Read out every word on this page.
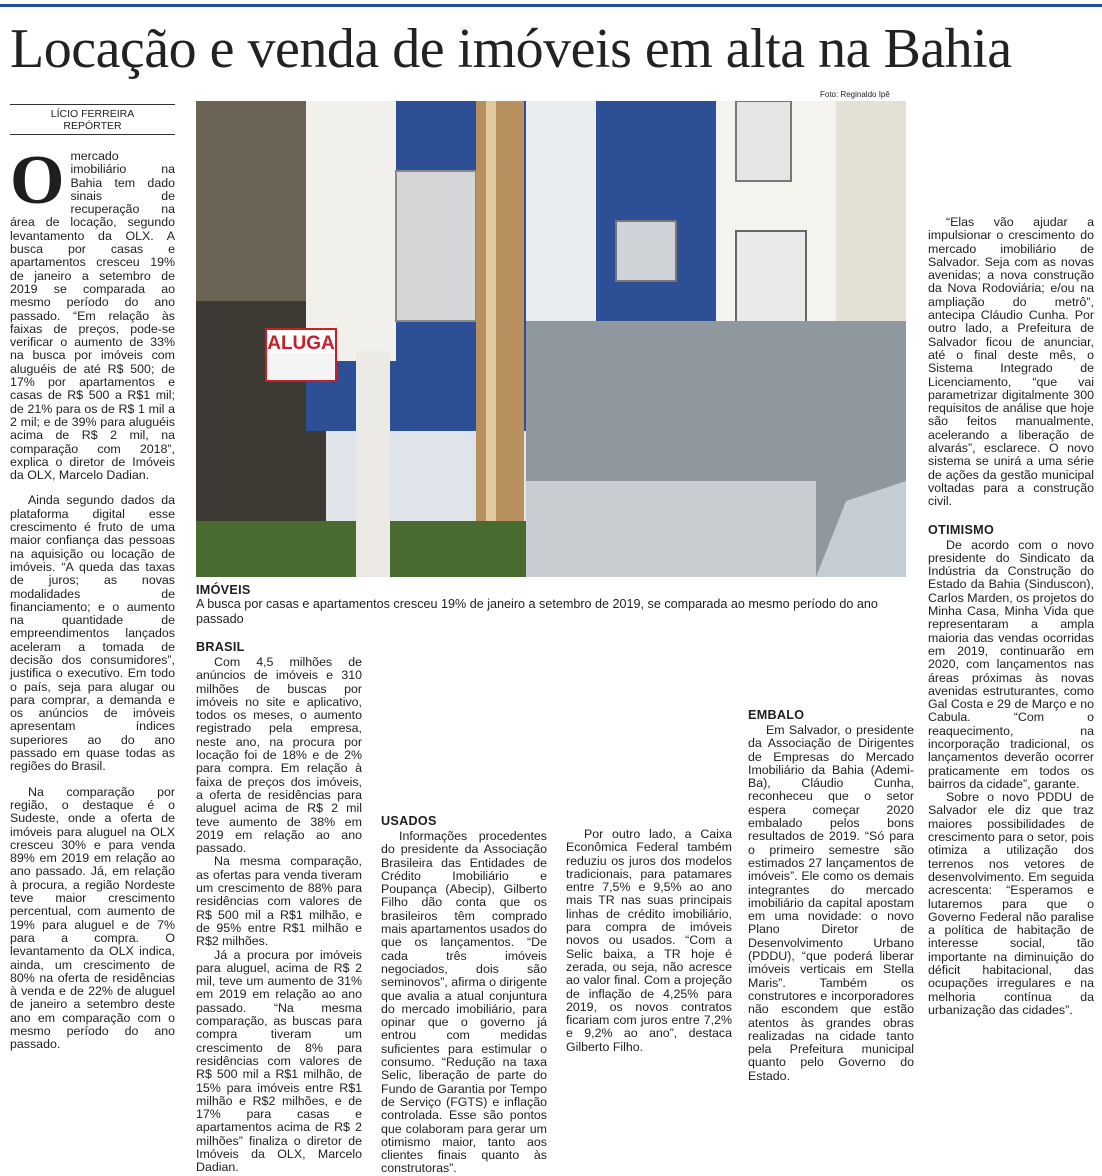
Locação e venda de imóveis em alta na Bahia
LÍCIO FERREIRA
REPÓRTER

Omercado imobiliário na Bahia tem dado sinais de recuperação na área de locação, segundo levantamento da OLX. A busca por casas e apartamentos cresceu 19% de janeiro a setembro de 2019 se comparada ao mesmo período do ano passado. “Em relação às faixas de preços, pode-se verificar o aumento de 33% na busca por imóveis com aluguéis de até R$ 500; de 17% por apartamentos e casas de R$ 500 a R$1 mil; de 21% para os de R$ 1 mil a 2 mil; e de 39% para aluguéis acima de R$ 2 mil, na comparação com 2018”, explica o diretor de Imóveis da OLX, Marcelo Dadian.

Ainda segundo dados da plataforma digital esse crescimento é fruto de uma maior confiança das pessoas na aquisição ou locação de imóveis. “A queda das taxas de juros; as novas modalidades de financiamento; e o aumento na quantidade de empreendimentos lançados aceleram a tomada de decisão dos consumidores”, justifica o executivo. Em todo o país, seja para alugar ou para comprar, a demanda e os anúncios de imóveis apresentam índices superiores ao do ano passado em quase todas as regiões do Brasil.

Na comparação por região, o destaque é o Sudeste, onde a oferta de imóveis para aluguel na OLX cresceu 30% e para venda 89% em 2019 em relação ao ano passado. Já, em relação à procura, a região Nordeste teve maior crescimento percentual, com aumento de 19% para aluguel e de 7% para a compra. O levantamento da OLX indica, ainda, um crescimento de 80% na oferta de residências à venda e de 22% de aluguel de janeiro a setembro deste ano em comparação com o mesmo período do ano passado.

Foto: Reginaldo Ipê
ALUGA
IMÓVEIS
A busca por casas e apartamentos cresceu 19% de janeiro a setembro de 2019, se comparada ao mesmo período do ano passado
BRASIL

Com 4,5 milhões de anúncios de imóveis e 310 milhões de buscas por imóveis no site e aplicativo, todos os meses, o aumento registrado pela empresa, neste ano, na procura por locação foi de 18% e de 2% para compra. Em relação à faixa de preços dos imóveis, a oferta de residências para aluguel acima de R$ 2 mil teve aumento de 38% em 2019 em relação ao ano passado.

Na mesma comparação, as ofertas para venda tiveram um crescimento de 88% para residências com valores de R$ 500 mil a R$1 milhão, e de 95% entre R$1 milhão e R$2 milhões.

Já a procura por imóveis para aluguel, acima de R$ 2 mil, teve um aumento de 31% em 2019 em relação ao ano passado. “Na mesma comparação, as buscas para compra tiveram um crescimento de 8% para residências com valores de R$ 500 mil a R$1 milhão, de 15% para imóveis entre R$1 milhão e R$2 milhões, e de 17% para casas e apartamentos acima de R$ 2 milhões” finaliza o diretor de Imóveis da OLX, Marcelo Dadian.

USADOS

Informações procedentes do presidente da Associação Brasileira das Entidades de Crédito Imobiliário e Poupança (Abecip), Gilberto Filho dão conta que os brasileiros têm comprado mais apartamentos usados do que os lançamentos. “De cada três imóveis negociados, dois são seminovos”, afirma o dirigente que avalia a atual conjuntura do mercado imobiliário, para opinar que o governo já entrou com medidas suficientes para estimular o consumo. “Redução na taxa Selic, liberação de parte do Fundo de Garantia por Tempo de Serviço (FGTS) e inflação controlada. Esse são pontos que colaboram para gerar um otimismo maior, tanto aos clientes finais quanto às construtoras”.

Por outro lado, a Caixa Econômica Federal também reduziu os juros dos modelos tradicionais, para patamares entre 7,5% e 9,5% ao ano mais TR nas suas principais linhas de crédito imobiliário, para compra de imóveis novos ou usados. “Com a Selic baixa, a TR hoje é zerada, ou seja, não acresce ao valor final. Com a projeção de inflação de 4,25% para 2019, os novos contratos ficariam com juros entre 7,2% e 9,2% ao ano”, destaca Gilberto Filho.

EMBALO

Em Salvador, o presidente da Associação de Dirigentes de Empresas do Mercado Imobiliário da Bahia (Ademi-Ba), Cláudio Cunha, reconheceu que o setor espera começar 2020 embalado pelos bons resultados de 2019. “Só para o primeiro semestre são estimados 27 lançamentos de imóveis”. Ele como os demais integrantes do mercado imobiliário da capital apostam em uma novidade: o novo Plano Diretor de Desenvolvimento Urbano (PDDU), “que poderá liberar imóveis verticais em Stella Maris”. Também os construtores e incorporadores não escondem que estão atentos às grandes obras realizadas na cidade tanto pela Prefeitura municipal quanto pelo Governo do Estado.

“Elas vão ajudar a impulsionar o crescimento do mercado imobiliário de Salvador. Seja com as novas avenidas; a nova construção da Nova Rodoviária; e/ou na ampliação do metrô”, antecipa Cláudio Cunha. Por outro lado, a Prefeitura de Salvador ficou de anunciar, até o final deste mês, o Sistema Integrado de Licenciamento, “que vai parametrizar digitalmente 300 requisitos de análise que hoje são feitos manualmente, acelerando a liberação de alvarás”, esclarece. O novo sistema se unirá a uma série de ações da gestão municipal voltadas para a construção civil.

OTIMISMO

De acordo com o novo presidente do Sindicato da Indústria da Construção do Estado da Bahia (Sinduscon), Carlos Marden, os projetos do Minha Casa, Minha Vida que representaram a ampla maioria das vendas ocorridas em 2019, continuarão em 2020, com lançamentos nas áreas próximas às novas avenidas estruturantes, como Gal Costa e 29 de Março e no Cabula. “Com o reaquecimento, na incorporação tradicional, os lançamentos deverão ocorrer praticamente em todos os bairros da cidade”, garante.

Sobre o novo PDDU de Salvador ele diz que traz maiores possibilidades de crescimento para o setor, pois otimiza a utilização dos terrenos nos vetores de desenvolvimento. Em seguida acrescenta: “Esperamos e lutaremos para que o Governo Federal não paralise a política de habitação de interesse social, tão importante na diminuição do déficit habitacional, das ocupações irregulares e na melhoria contínua da urbanização das cidades”.
